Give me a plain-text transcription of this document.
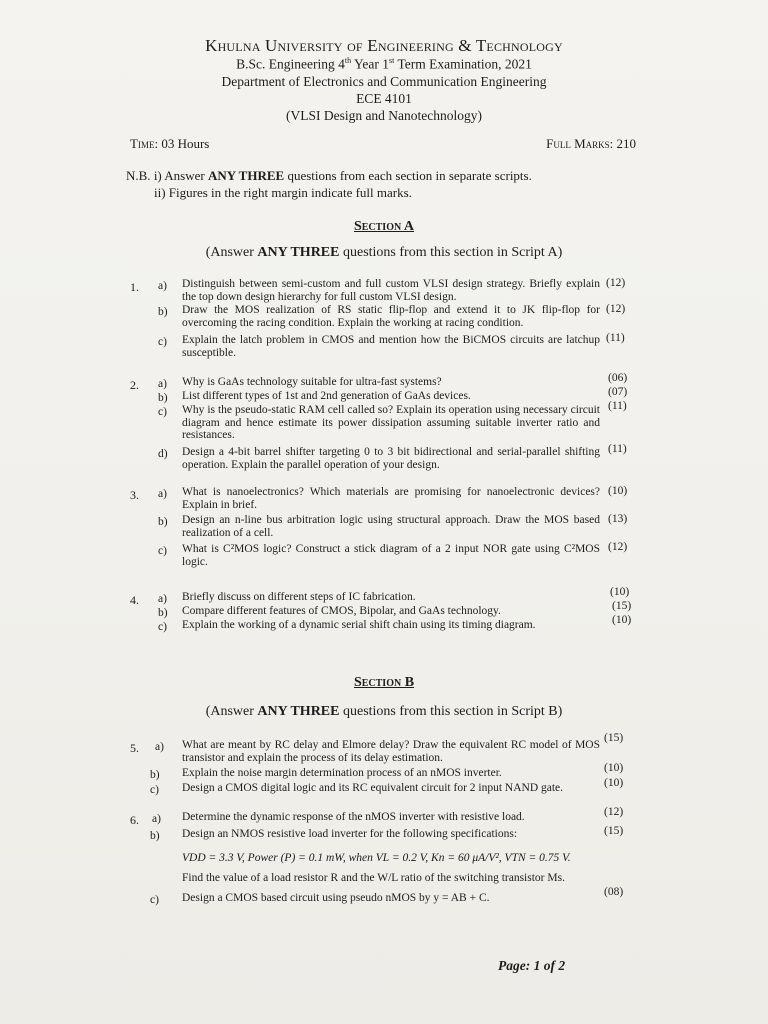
Khulna University of Engineering & Technology
B.Sc. Engineering 4th Year 1st Term Examination, 2021
Department of Electronics and Communication Engineering
ECE 4101
(VLSI Design and Nanotechnology)
Time: 03 Hours	Full Marks: 210
N.B. i) Answer ANY THREE questions from each section in separate scripts.
ii) Figures in the right margin indicate full marks.
Section A
(Answer ANY THREE questions from this section in Script A)
1. a) Distinguish between semi-custom and full custom VLSI design strategy. Briefly explain the top down design hierarchy for full custom VLSI design.
(12)
b) Draw the MOS realization of RS static flip-flop and extend it to JK flip-flop for overcoming the racing condition. Explain the working at racing condition.
(12)
c) Explain the latch problem in CMOS and mention how the BiCMOS circuits are latchup susceptible.
(11)
2. a) Why is GaAs technology suitable for ultra-fast systems?	(06)
b) List different types of 1st and 2nd generation of GaAs devices.	(07)
c) Why is the pseudo-static RAM cell called so? Explain its operation using necessary circuit diagram and hence estimate its power dissipation assuming suitable inverter ratio and resistances.
(11)
d) Design a 4-bit barrel shifter targeting 0 to 3 bit bidirectional and serial-parallel shifting operation. Explain the parallel operation of your design.
(11)
3. a) What is nanoelectronics? Which materials are promising for nanoelectronic devices? Explain in brief.
(10)
b) Design an n-line bus arbitration logic using structural approach. Draw the MOS based realization of a cell.
(13)
c) What is C²MOS logic? Construct a stick diagram of a 2 input NOR gate using C²MOS logic.
(12)
4. a) Briefly discuss on different steps of IC fabrication.	(10)
b) Compare different features of CMOS, Bipolar, and GaAs technology.	(15)
c) Explain the working of a dynamic serial shift chain using its timing diagram.	(10)
Section B
(Answer ANY THREE questions from this section in Script B)
5. a) What are meant by RC delay and Elmore delay? Draw the equivalent RC model of MOS transistor and explain the process of its delay estimation.
(15)
b) Explain the noise margin determination process of an nMOS inverter.	(10)
c) Design a CMOS digital logic and its RC equivalent circuit for 2 input NAND gate.	(10)
6. a) Determine the dynamic response of the nMOS inverter with resistive load.	(12)
b) Design an NMOS resistive load inverter for the following specifications:	(15)
VDD = 3.3 V, Power (P) = 0.1 mW, when VL = 0.2 V, Kn = 60 μA/V², VTN = 0.75 V.
Find the value of a load resistor R and the W/L ratio of the switching transistor Ms.
c) Design a CMOS based circuit using pseudo nMOS by y = AB + C.	(08)
Page: 1 of 2
